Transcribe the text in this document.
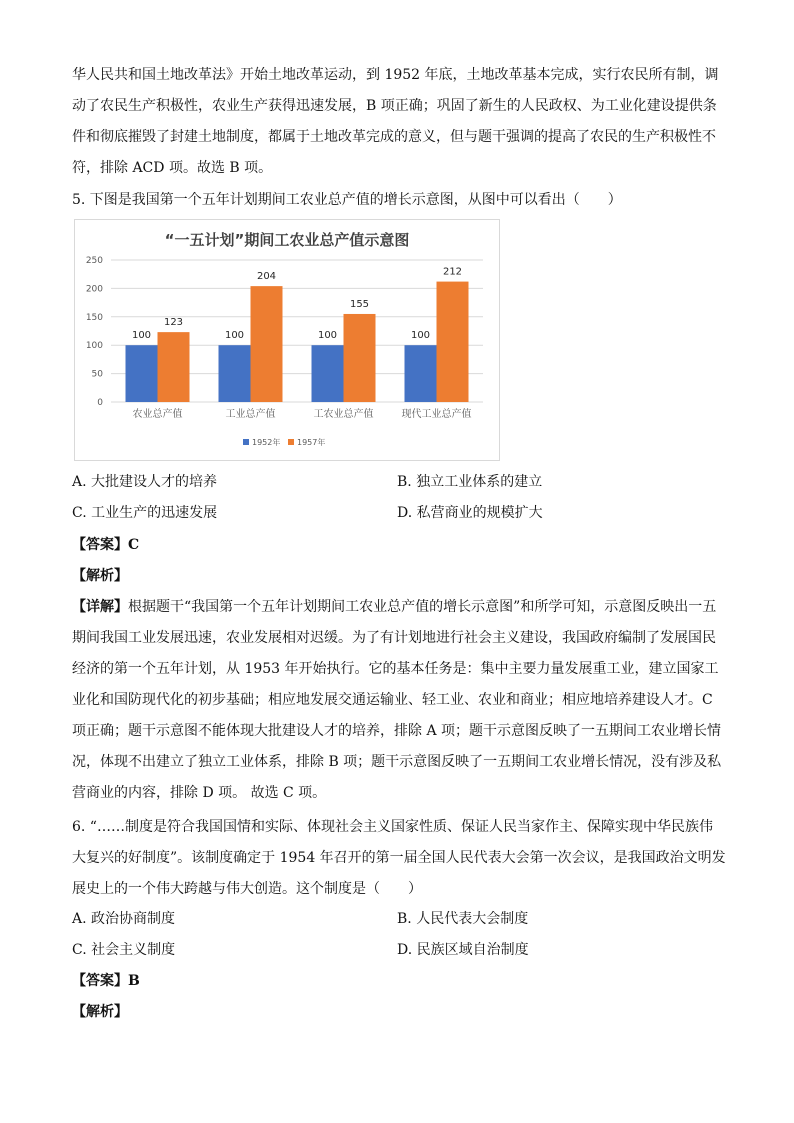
华人民共和国土地改革法》开始土地改革运动，到 1952 年底，土地改革基本完成，实行农民所有制，调
动了农民生产积极性，农业生产获得迅速发展，B 项正确；巩固了新生的人民政权、为工业化建设提供条
件和彻底摧毁了封建土地制度，都属于土地改革完成的意义，但与题干强调的提高了农民的生产积极性不
符，排除 ACD 项。故选 B 项。
5. 下图是我国第一个五年计划期间工农业总产值的增长示意图，从图中可以看出（　　）
“一五计划”期间工农业总产值示意图
0
50
100
150
200
250
100
123
100
204
100
155
100
212
农业总产值	工业总产值	工农业总产值	现代工业总产值
1952年 1957年
A. 大批建设人才的培养	B. 独立工业体系的建立
C. 工业生产的迅速发展	D. 私营商业的规模扩大
【答案】C
【解析】
【详解】根据题干“我国第一个五年计划期间工农业总产值的增长示意图”和所学可知，示意图反映出一五
期间我国工业发展迅速，农业发展相对迟缓。为了有计划地进行社会主义建设，我国政府编制了发展国民
经济的第一个五年计划，从 1953 年开始执行。它的基本任务是：集中主要力量发展重工业，建立国家工
业化和国防现代化的初步基础；相应地发展交通运输业、轻工业、农业和商业；相应地培养建设人才。C
项正确；题干示意图不能体现大批建设人才的培养，排除 A 项；题干示意图反映了一五期间工农业增长情
况，体现不出建立了独立工业体系，排除 B 项；题干示意图反映了一五期间工农业增长情况，没有涉及私
营商业的内容，排除 D 项。 故选 C 项。
6. “……制度是符合我国国情和实际、体现社会主义国家性质、保证人民当家作主、保障实现中华民族伟
大复兴的好制度”。该制度确定于 1954 年召开的第一届全国人民代表大会第一次会议，是我国政治文明发
展史上的一个伟大跨越与伟大创造。这个制度是（　　）
A. 政治协商制度	B. 人民代表大会制度
C. 社会主义制度	D. 民族区域自治制度
【答案】B
【解析】
